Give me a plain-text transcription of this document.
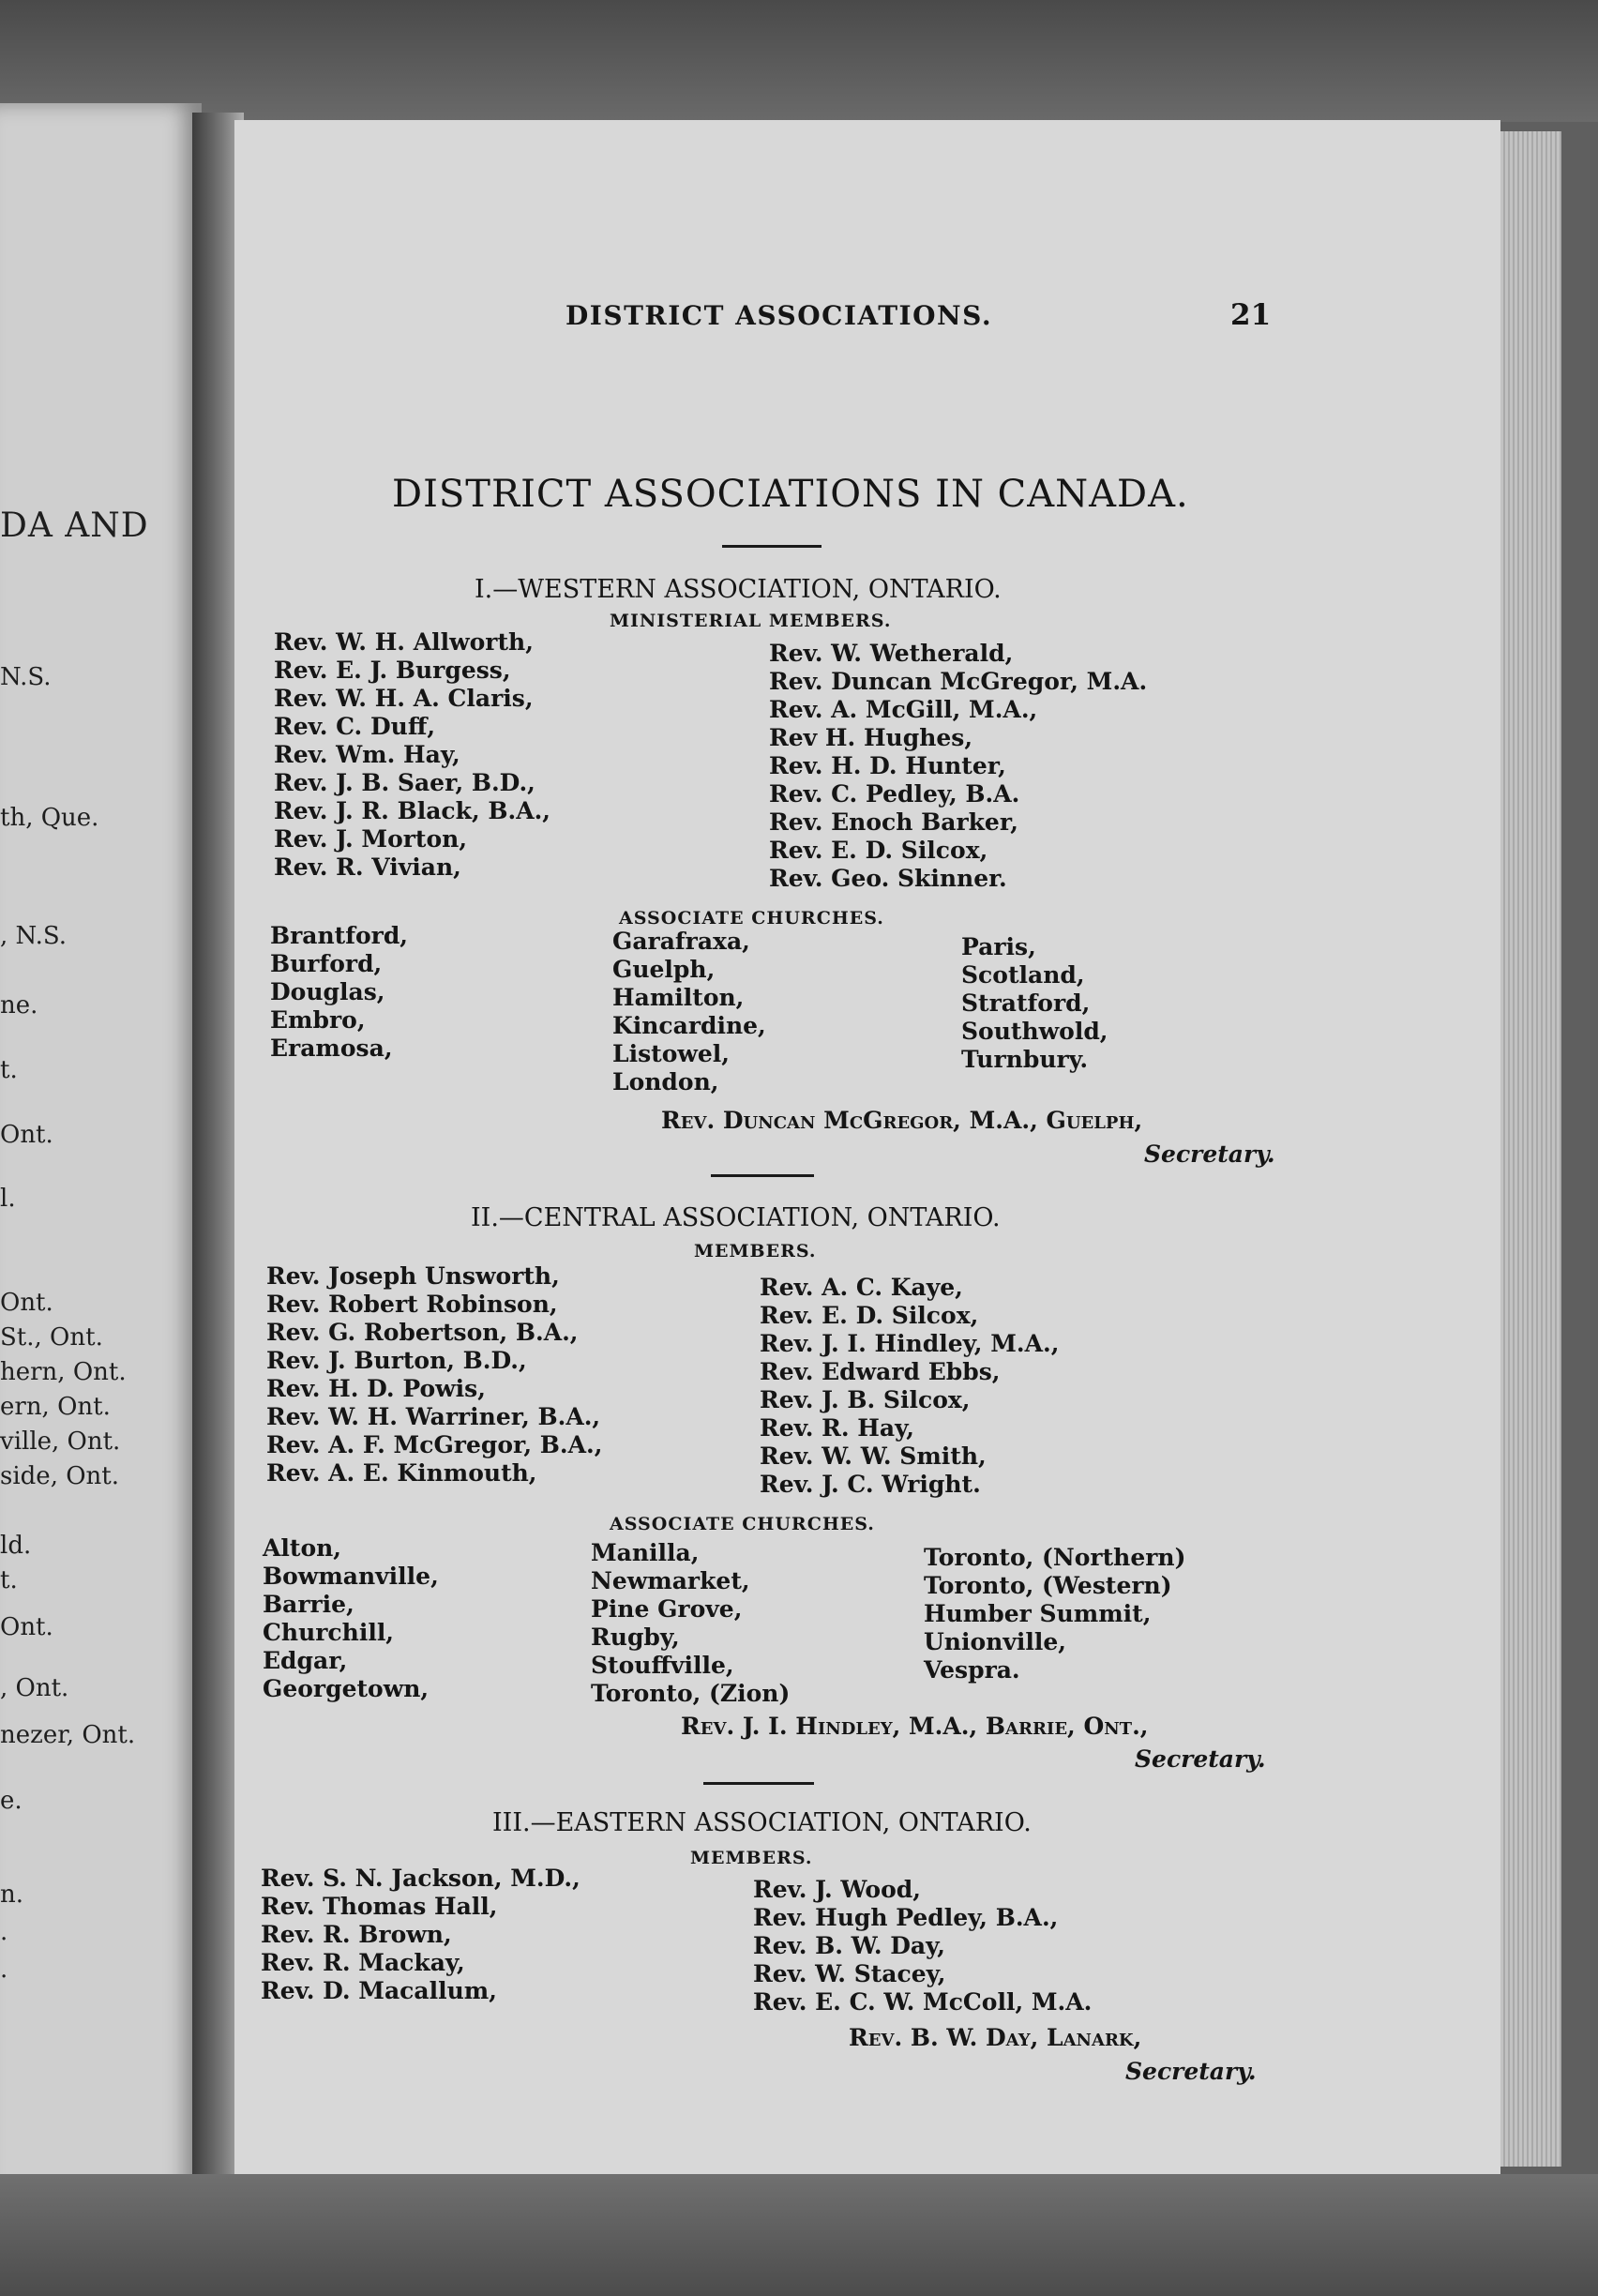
DA AND
N.S.
th, Que.
, N.S.
ne.
t.
Ont.
l.
Ont.
St., Ont.
hern, Ont.
ern, Ont.
ville, Ont.
side, Ont.
ld.
t.
Ont.
, Ont.
nezer, Ont.
e.
n.
.
.
DISTRICT ASSOCIATIONS.	21
DISTRICT ASSOCIATIONS IN CANADA.
I.—WESTERN ASSOCIATION, ONTARIO.
MINISTERIAL MEMBERS.
Rev. W. H. Allworth,
Rev. E. J. Burgess,
Rev. W. H. A. Claris,
Rev. C. Duff,
Rev. Wm. Hay,
Rev. J. B. Saer, B.D.,
Rev. J. R. Black, B.A.,
Rev. J. Morton,
Rev. R. Vivian,
Rev. W. Wetherald,
Rev. Duncan McGregor, M.A.
Rev. A. McGill, M.A.,
Rev H. Hughes,
Rev. H. D. Hunter,
Rev. C. Pedley, B.A.
Rev. Enoch Barker,
Rev. E. D. Silcox,
Rev. Geo. Skinner.
ASSOCIATE CHURCHES.
Brantford,
Burford,
Douglas,
Embro,
Eramosa,
Garafraxa,
Guelph,
Hamilton,
Kincardine,
Listowel,
London,
Paris,
Scotland,
Stratford,
Southwold,
Turnbury.
Rev. Duncan McGregor, M.A., Guelph,
Secretary.
II.—CENTRAL ASSOCIATION, ONTARIO.
MEMBERS.
Rev. Joseph Unsworth,
Rev. Robert Robinson,
Rev. G. Robertson, B.A.,
Rev. J. Burton, B.D.,
Rev. H. D. Powis,
Rev. W. H. Warriner, B.A.,
Rev. A. F. McGregor, B.A.,
Rev. A. E. Kinmouth,
Rev. A. C. Kaye,
Rev. E. D. Silcox,
Rev. J. I. Hindley, M.A.,
Rev. Edward Ebbs,
Rev. J. B. Silcox,
Rev. R. Hay,
Rev. W. W. Smith,
Rev. J. C. Wright.
ASSOCIATE CHURCHES.
Alton,
Bowmanville,
Barrie,
Churchill,
Edgar,
Georgetown,
Manilla,
Newmarket,
Pine Grove,
Rugby,
Stouffville,
Toronto, (Zion)
Toronto, (Northern)
Toronto, (Western)
Humber Summit,
Unionville,
Vespra.
Rev. J. I. Hindley, M.A., Barrie, Ont.,
Secretary.
III.—EASTERN ASSOCIATION, ONTARIO.
MEMBERS.
Rev. S. N. Jackson, M.D.,
Rev. Thomas Hall,
Rev. R. Brown,
Rev. R. Mackay,
Rev. D. Macallum,
Rev. J. Wood,
Rev. Hugh Pedley, B.A.,
Rev. B. W. Day,
Rev. W. Stacey,
Rev. E. C. W. McColl, M.A.
Rev. B. W. Day, Lanark,
Secretary.
